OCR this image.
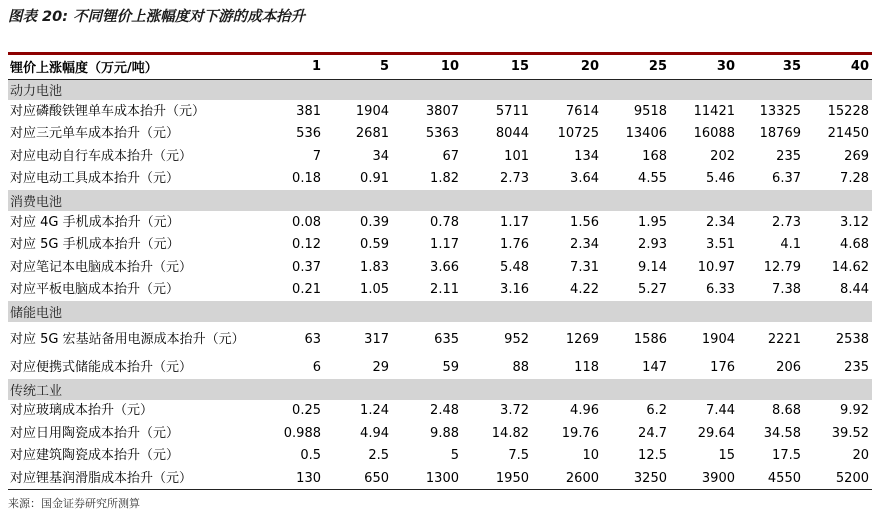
图表 20: 不同锂价上涨幅度对下游的成本抬升
锂价上涨幅度（万元/吨）	1	5	10	15	20	25	30	35	40
动力电池									
对应磷酸铁锂单车成本抬升（元）	381	1904	3807	5711	7614	9518	11421	13325	15228
对应三元单车成本抬升（元）	536	2681	5363	8044	10725	13406	16088	18769	21450
对应电动自行车成本抬升（元）	7	34	67	101	134	168	202	235	269
对应电动工具成本抬升（元）	0.18	0.91	1.82	2.73	3.64	4.55	5.46	6.37	7.28
消费电池									
对应 4G 手机成本抬升（元）	0.08	0.39	0.78	1.17	1.56	1.95	2.34	2.73	3.12
对应 5G 手机成本抬升（元）	0.12	0.59	1.17	1.76	2.34	2.93	3.51	4.1	4.68
对应笔记本电脑成本抬升（元）	0.37	1.83	3.66	5.48	7.31	9.14	10.97	12.79	14.62
对应平板电脑成本抬升（元）	0.21	1.05	2.11	3.16	4.22	5.27	6.33	7.38	8.44
储能电池									
对应 5G 宏基站备用电源成本抬升（元）	63	317	635	952	1269	1586	1904	2221	2538
对应便携式储能成本抬升（元）	6	29	59	88	118	147	176	206	235
传统工业									
对应玻璃成本抬升（元）	0.25	1.24	2.48	3.72	4.96	6.2	7.44	8.68	9.92
对应日用陶瓷成本抬升（元）	0.988	4.94	9.88	14.82	19.76	24.7	29.64	34.58	39.52
对应建筑陶瓷成本抬升（元）	0.5	2.5	5	7.5	10	12.5	15	17.5	20
对应锂基润滑脂成本抬升（元）	130	650	1300	1950	2600	3250	3900	4550	5200
来源：国金证券研究所测算
